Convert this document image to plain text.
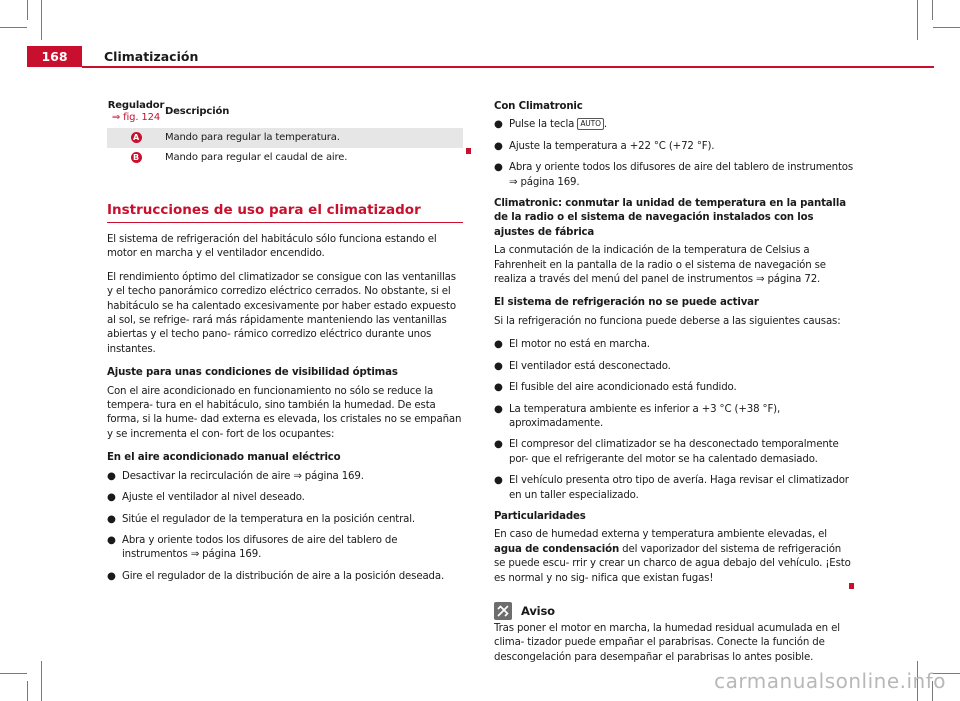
168	Climatización
Regulador
⇒ fig. 124	Descripción
A	Mando para regular la temperatura.
B	Mando para regular el caudal de aire.
Instrucciones de uso para el climatizador

El sistema de refrigeración del habitáculo sólo funciona estando el motor en marcha y el ventilador encendido.

El rendimiento óptimo del climatizador se consigue con las ventanillas y el techo panorámico corredizo eléctrico cerrados. No obstante, si el habitáculo se ha calentado excesivamente por haber estado expuesto al sol, se refrige- rará más rápidamente manteniendo las ventanillas abiertas y el techo pano- rámico corredizo eléctrico durante unos instantes.

Ajuste para unas condiciones de visibilidad óptimas

Con el aire acondicionado en funcionamiento no sólo se reduce la tempera- tura en el habitáculo, sino también la humedad. De esta forma, si la hume- dad externa es elevada, los cristales no se empañan y se incrementa el con- fort de los ocupantes:

En el aire acondicionado manual eléctrico

● Desactivar la recirculación de aire ⇒ página 169.
● Ajuste el ventilador al nivel deseado.
● Sitúe el regulador de la temperatura en la posición central.
● Abra y oriente todos los difusores de aire del tablero de instrumentos ⇒ página 169.
● Gire el regulador de la distribución de aire a la posición deseada.

Con Climatronic

● Pulse la tecla AUTO .
● Ajuste la temperatura a +22 °C (+72 °F).
● Abra y oriente todos los difusores de aire del tablero de instrumentos ⇒ página 169.

Climatronic: conmutar la unidad de temperatura en la pantalla de la radio o el sistema de navegación instalados con los ajustes de fábrica

La conmutación de la indicación de la temperatura de Celsius a Fahrenheit en la pantalla de la radio o el sistema de navegación se realiza a través del menú del panel de instrumentos ⇒ página 72.

El sistema de refrigeración no se puede activar

Si la refrigeración no funciona puede deberse a las siguientes causas:

● El motor no está en marcha.
● El ventilador está desconectado.
● El fusible del aire acondicionado está fundido.
● La temperatura ambiente es inferior a +3 °C (+38 °F), aproximadamente.
● El compresor del climatizador se ha desconectado temporalmente por- que el refrigerante del motor se ha calentado demasiado.
● El vehículo presenta otro tipo de avería. Haga revisar el climatizador en un taller especializado.

Particularidades

En caso de humedad externa y temperatura ambiente elevadas, el agua de condensación del vaporizador del sistema de refrigeración se puede escu- rrir y crear un charco de agua debajo del vehículo. ¡Esto es normal y no sig- nifica que existan fugas!

Aviso

Tras poner el motor en marcha, la humedad residual acumulada en el clima- tizador puede empañar el parabrisas. Conecte la función de descongelación para desempañar el parabrisas lo antes posible.

carmanualsonline.info
